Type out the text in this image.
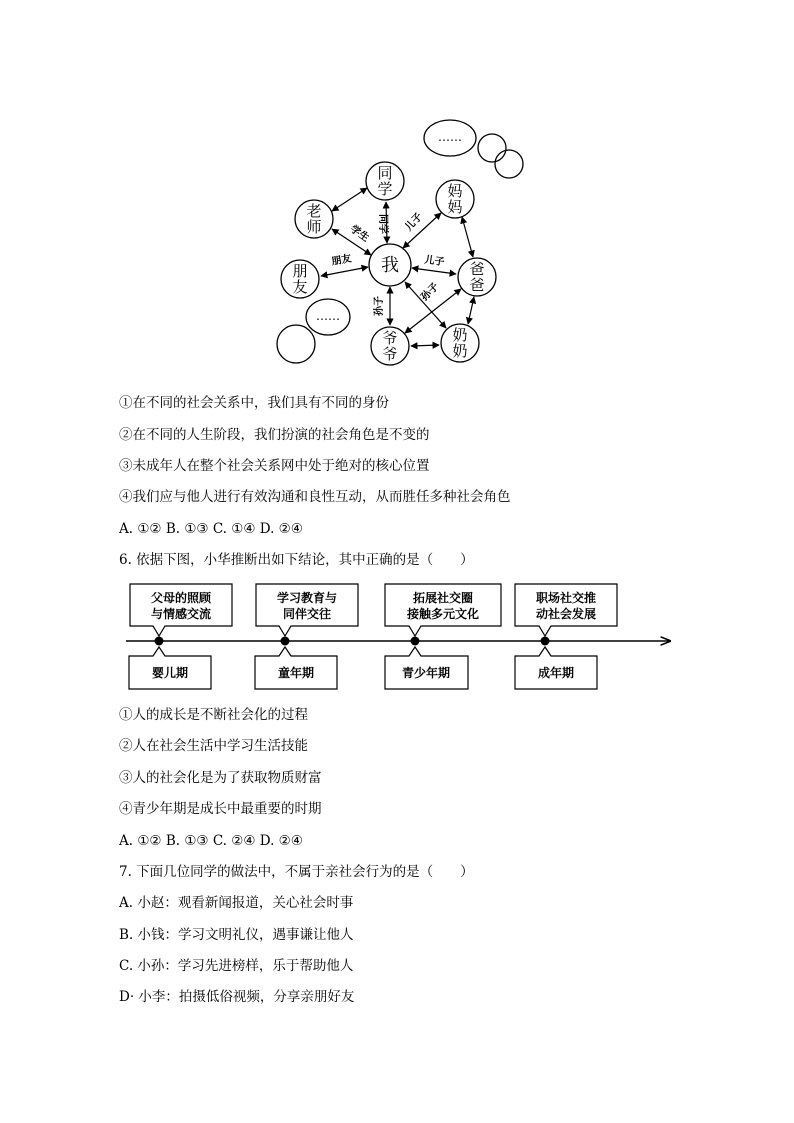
我
同
学
老
师
朋
友
妈
妈
爸
爸
爷
爷
奶
奶
……
……
学生 同学
朋友
儿子
儿子
孙子
孙子
①在不同的社会关系中，我们具有不同的身份
②在不同的人生阶段，我们扮演的社会角色是不变的
③未成年人在整个社会关系网中处于绝对的核心位置
④我们应与他人进行有效沟通和良性互动，从而胜任多种社会角色
A. ①② B. ①③ C. ①④ D. ②④
6. 依据下图，小华推断出如下结论，其中正确的是（　　）
父母的照顾
与情感交流
学习教育与
同伴交往
拓展社交圈
接触多元文化
职场社交推
动社会发展
婴儿期	童年期	青少年期	成年期
①人的成长是不断社会化的过程
②人在社会生活中学习生活技能
③人的社会化是为了获取物质财富
④青少年期是成长中最重要的时期
A. ①② B. ①③ C. ②④ D. ②④
7. 下面几位同学的做法中，不属于亲社会行为的是（　　）
A. 小赵：观看新闻报道，关心社会时事
B. 小钱：学习文明礼仪，遇事谦让他人
C. 小孙：学习先进榜样，乐于帮助他人
D· 小李：拍摄低俗视频，分享亲朋好友
